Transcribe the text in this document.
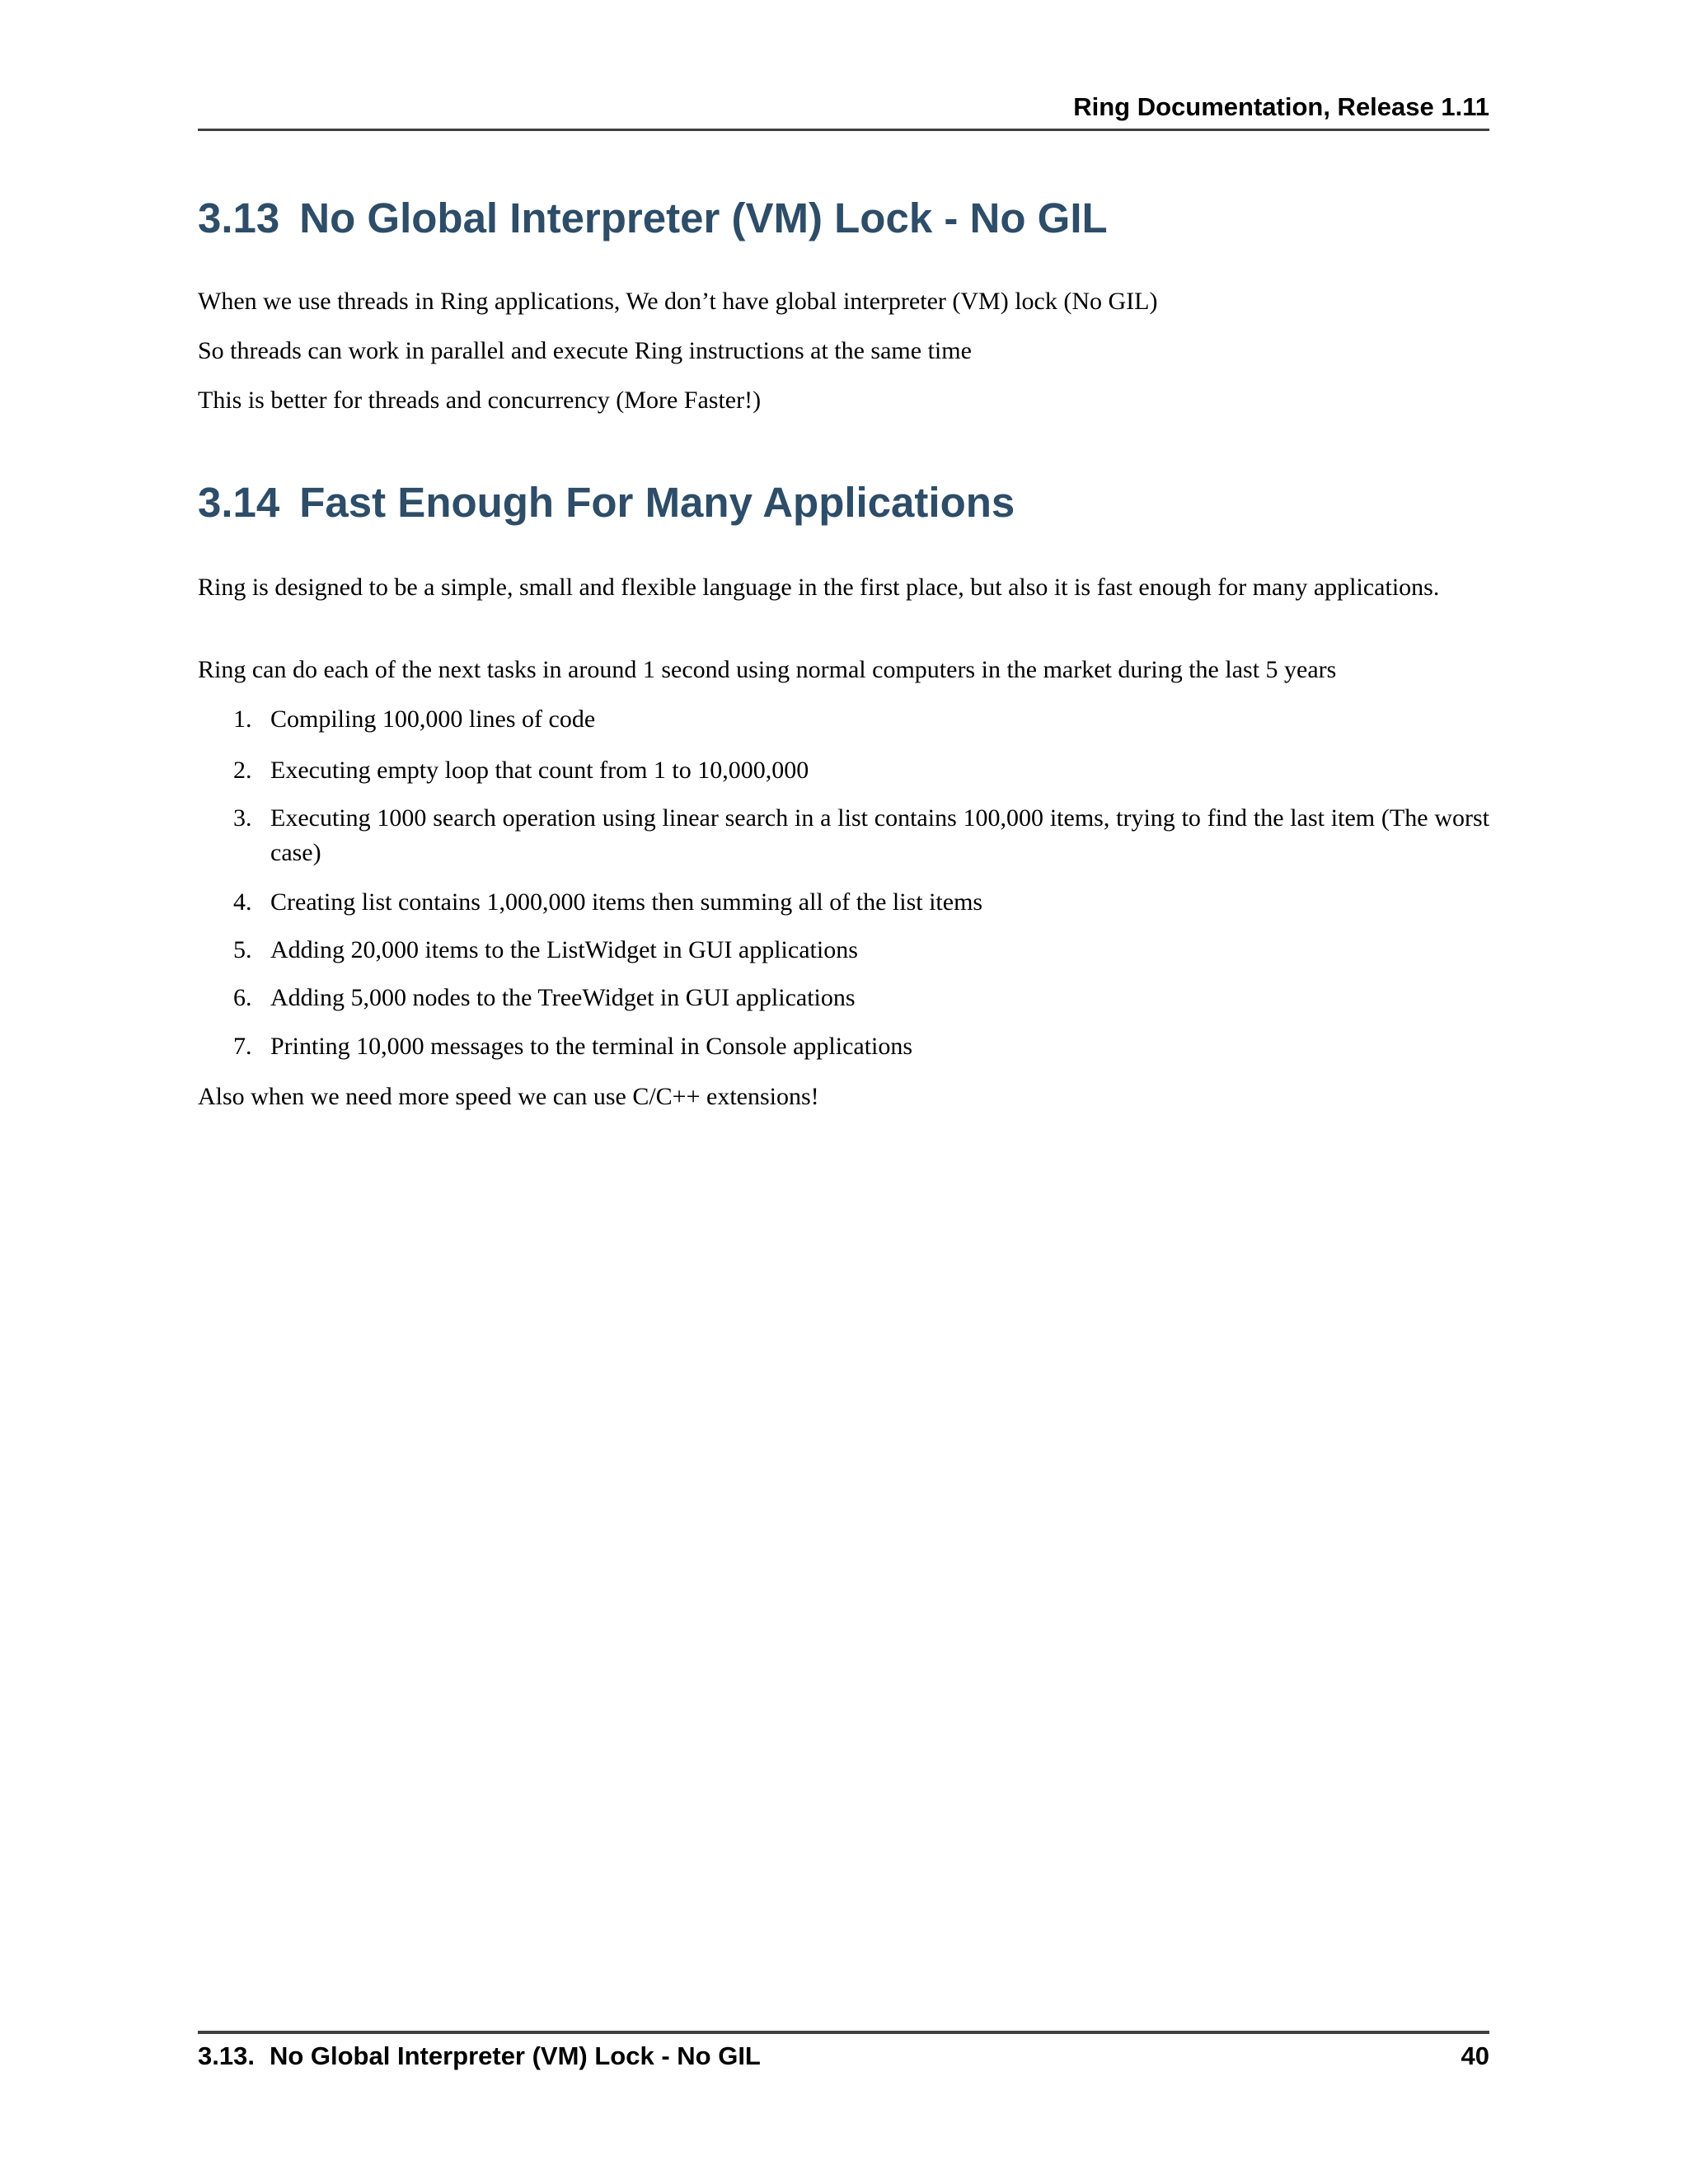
Ring Documentation, Release 1.11
3.13 No Global Interpreter (VM) Lock - No GIL
When we use threads in Ring applications, We don’t have global interpreter (VM) lock (No GIL)
So threads can work in parallel and execute Ring instructions at the same time
This is better for threads and concurrency (More Faster!)
3.14 Fast Enough For Many Applications
Ring is designed to be a simple, small and flexible language in the first place, but also it is fast enough for many applications.
Ring can do each of the next tasks in around 1 second using normal computers in the market during the last 5 years
1. Compiling 100,000 lines of code
2. Executing empty loop that count from 1 to 10,000,000
3. Executing 1000 search operation using linear search in a list contains 100,000 items, trying to find the last item (The worst case)
4. Creating list contains 1,000,000 items then summing all of the list items
5. Adding 20,000 items to the ListWidget in GUI applications
6. Adding 5,000 nodes to the TreeWidget in GUI applications
7. Printing 10,000 messages to the terminal in Console applications
Also when we need more speed we can use C/C++ extensions!
3.13. No Global Interpreter (VM) Lock - No GIL	40
